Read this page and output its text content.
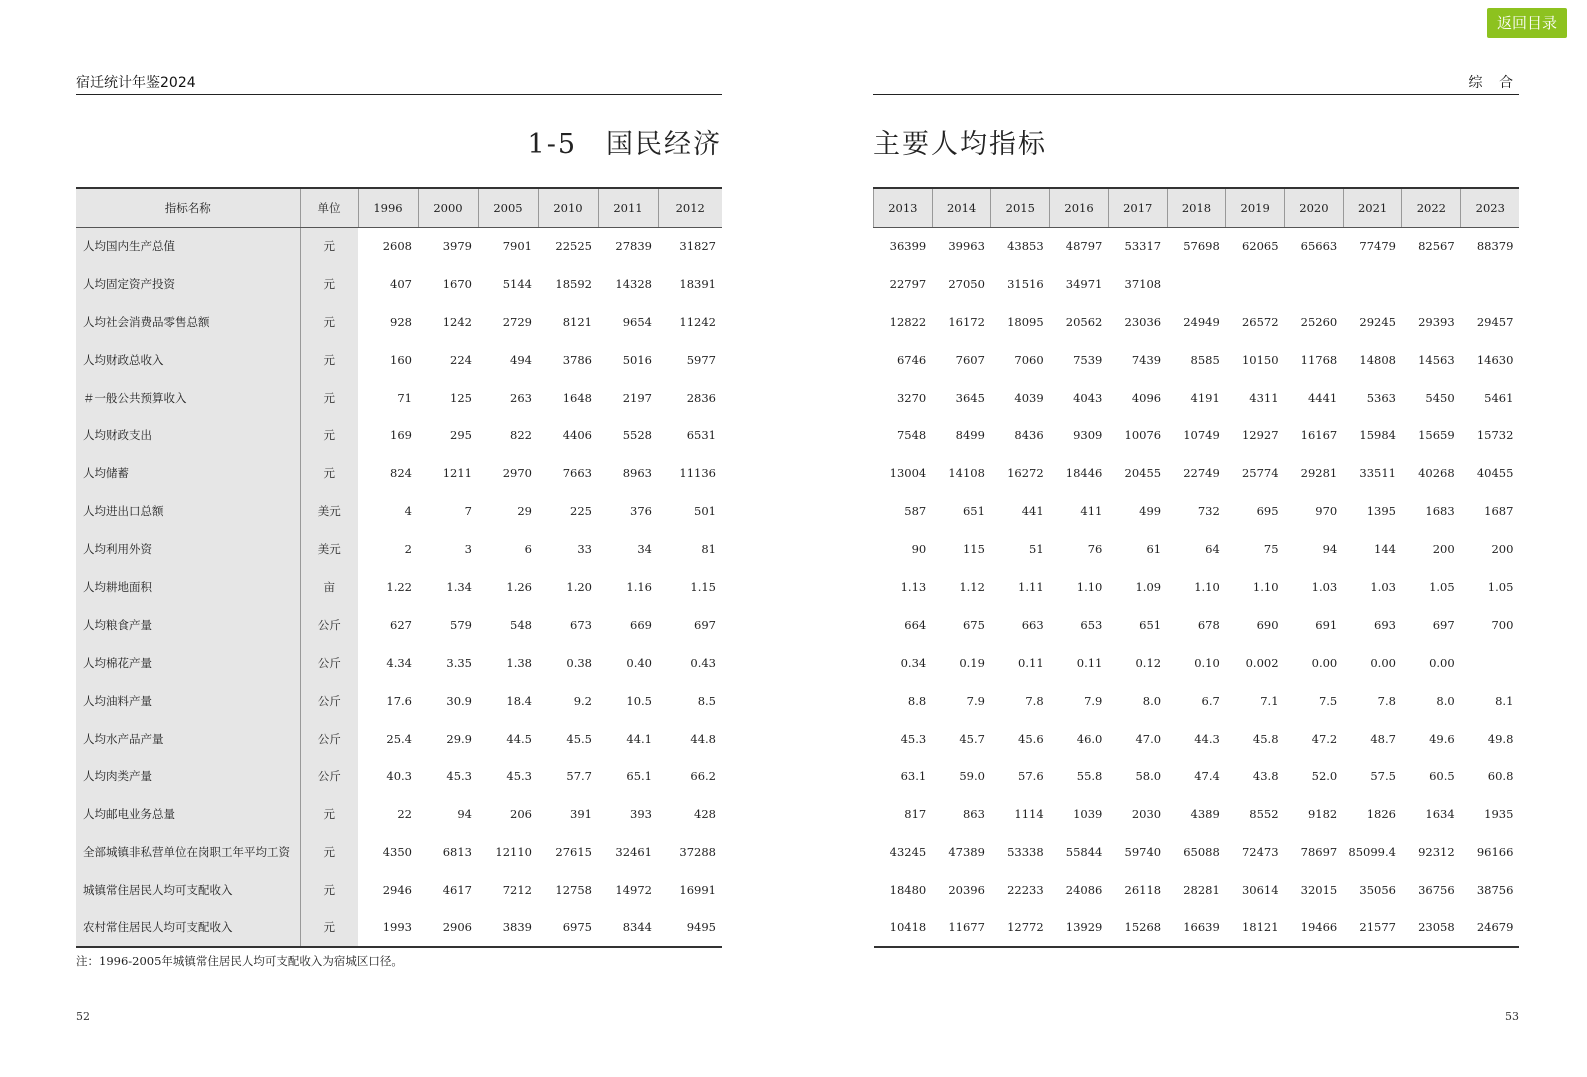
返回目录
宿迁统计年鉴2024
1-5　国民经济
指标名称	单位	1996	2000	2005	2010	2011	2012
人均国内生产总值	元	2608	3979	7901	22525	27839	31827
人均固定资产投资	元	407	1670	5144	18592	14328	18391
人均社会消费品零售总额	元	928	1242	2729	8121	9654	11242
人均财政总收入	元	160	224	494	3786	5016	5977
＃一般公共预算收入	元	71	125	263	1648	2197	2836
人均财政支出	元	169	295	822	4406	5528	6531
人均储蓄	元	824	1211	2970	7663	8963	11136
人均进出口总额	美元	4	7	29	225	376	501
人均利用外资	美元	2	3	6	33	34	81
人均耕地面积	亩	1.22	1.34	1.26	1.20	1.16	1.15
人均粮食产量	公斤	627	579	548	673	669	697
人均棉花产量	公斤	4.34	3.35	1.38	0.38	0.40	0.43
人均油料产量	公斤	17.6	30.9	18.4	9.2	10.5	8.5
人均水产品产量	公斤	25.4	29.9	44.5	45.5	44.1	44.8
人均肉类产量	公斤	40.3	45.3	45.3	57.7	65.1	66.2
人均邮电业务总量	元	22	94	206	391	393	428
全部城镇非私营单位在岗职工年平均工资	元	4350	6813	12110	27615	32461	37288
城镇常住居民人均可支配收入	元	2946	4617	7212	12758	14972	16991
农村常住居民人均可支配收入	元	1993	2906	3839	6975	8344	9495
注：1996-2005年城镇常住居民人均可支配收入为宿城区口径。
52
综 合
主要人均指标
2013	2014	2015	2016	2017	2018	2019	2020	2021	2022	2023
36399	39963	43853	48797	53317	57698	62065	65663	77479	82567	88379
22797	27050	31516	34971	37108						
12822	16172	18095	20562	23036	24949	26572	25260	29245	29393	29457
6746	7607	7060	7539	7439	8585	10150	11768	14808	14563	14630
3270	3645	4039	4043	4096	4191	4311	4441	5363	5450	5461
7548	8499	8436	9309	10076	10749	12927	16167	15984	15659	15732
13004	14108	16272	18446	20455	22749	25774	29281	33511	40268	40455
587	651	441	411	499	732	695	970	1395	1683	1687
90	115	51	76	61	64	75	94	144	200	200
1.13	1.12	1.11	1.10	1.09	1.10	1.10	1.03	1.03	1.05	1.05
664	675	663	653	651	678	690	691	693	697	700
0.34	0.19	0.11	0.11	0.12	0.10	0.002	0.00	0.00	0.00	
8.8	7.9	7.8	7.9	8.0	6.7	7.1	7.5	7.8	8.0	8.1
45.3	45.7	45.6	46.0	47.0	44.3	45.8	47.2	48.7	49.6	49.8
63.1	59.0	57.6	55.8	58.0	47.4	43.8	52.0	57.5	60.5	60.8
817	863	1114	1039	2030	4389	8552	9182	1826	1634	1935
43245	47389	53338	55844	59740	65088	72473	78697	85099.4	92312	96166
18480	20396	22233	24086	26118	28281	30614	32015	35056	36756	38756
10418	11677	12772	13929	15268	16639	18121	19466	21577	23058	24679
53
